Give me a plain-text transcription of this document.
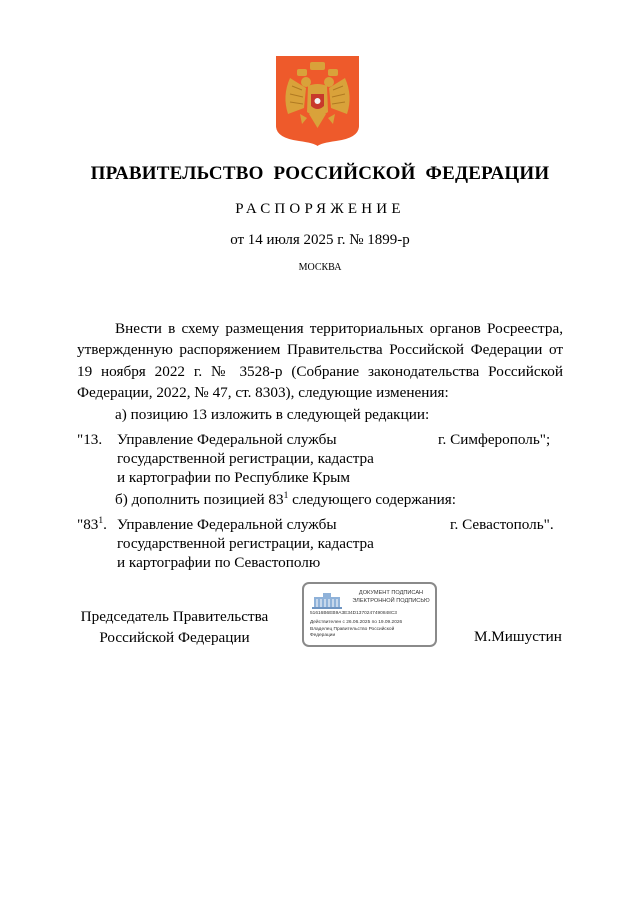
ПРАВИТЕЛЬСТВО РОССИЙСКОЙ ФЕДЕРАЦИИ
РАСПОРЯЖЕНИЕ
от 14 июля 2025 г. № 1899-р
МОСКВА
Внести в схему размещения территориальных органов Росреестра, утвержденную распоряжением Правительства Российской Федерации от 19 ноября 2022 г. № 3528-р (Собрание законодательства Российской Федерации, 2022, № 47, ст. 8303), следующие изменения:
а) позицию 13 изложить в следующей редакции:
"13. Управление Федеральной службы
государственной регистрации, кадастра
и картографии по Республике Крым
г. Симферополь";
б) дополнить позицией $83^1$ следующего содержания:
"$83^1$. Управление Федеральной службы
государственной регистрации, кадастра
и картографии по Севастополю
г. Севастополь".
Председатель Правительства
Российской Федерации	М.Мишустин
ДОКУМЕНТ ПОДПИСАН
ЭЛЕКТРОННОЙ ПОДПИСЬЮ
51616B6EB9A3E34D1370247490848C3
Действителен с 26.06.2025 по 19.09.2026
Владелец Правительство Российской
Федерации
